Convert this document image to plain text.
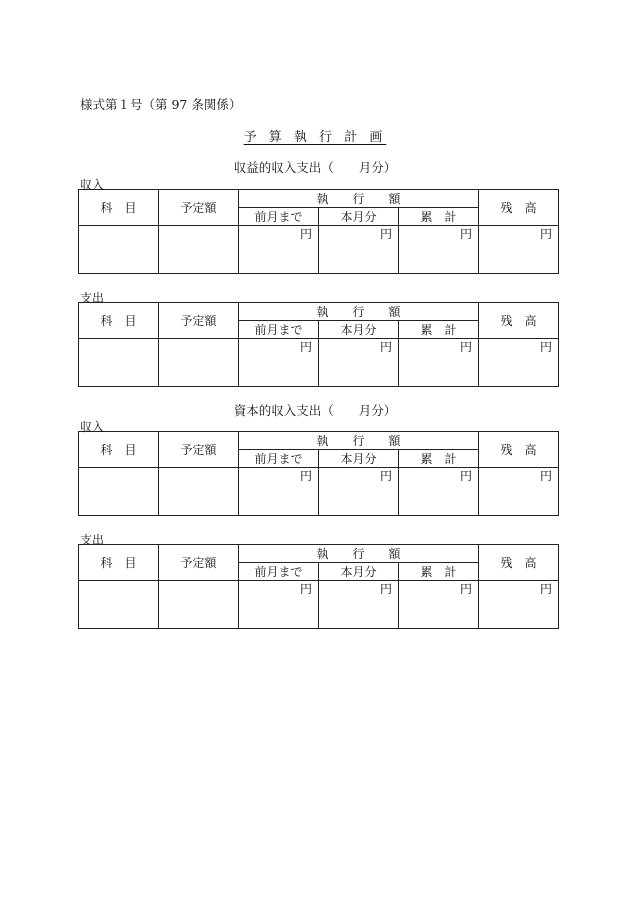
様式第１号（第 97 条関係）
予 算 執 行 計 画
収益的収入支出（　　月分）
収入
科　目	予定額	執　　行　　額			残　高
		前月まで	本月分	累　計	
		円	円	円	円
支出
科　目	予定額	執　　行　　額			残　高
		前月まで	本月分	累　計	
		円	円	円	円
資本的収入支出（　　月分）
収入
科　目	予定額	執　　行　　額			残　高
		前月まで	本月分	累　計	
		円	円	円	円
支出
科　目	予定額	執　　行　　額			残　高
		前月まで	本月分	累　計	
		円	円	円	円
